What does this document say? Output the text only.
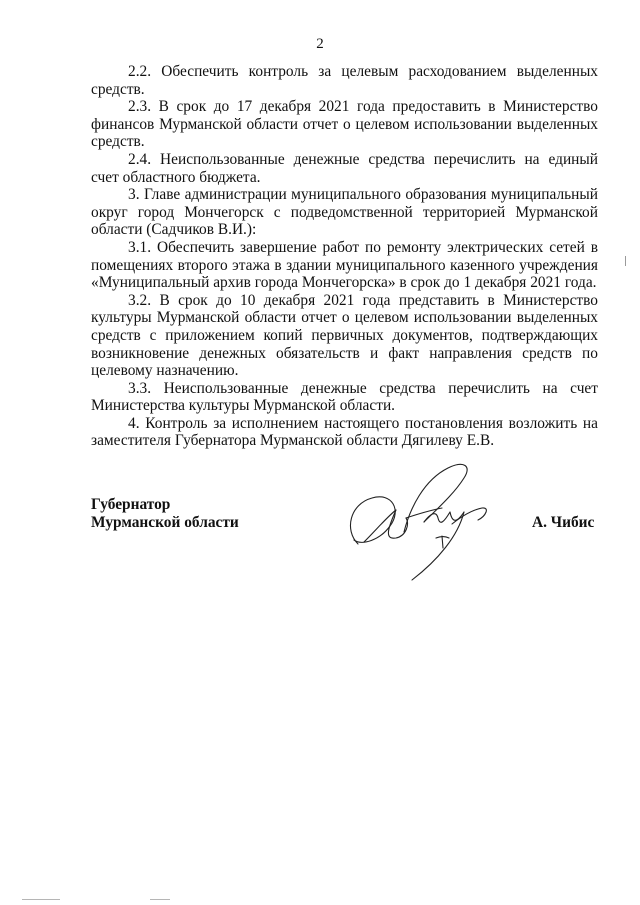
2

2.2. Обеспечить контроль за целевым расходованием выделенных средств.

2.3. В срок до 17 декабря 2021 года предоставить в Министерство финансов Мурманской области отчет о целевом использовании выделенных средств.

2.4. Неиспользованные денежные средства перечислить на единый счет областного бюджета.

3. Главе администрации муниципального образования муниципальный округ город Мончегорск с подведомственной территорией Мурманской области (Садчиков В.И.):

3.1. Обеспечить завершение работ по ремонту электрических сетей в помещениях второго этажа в здании муниципального казенного учреждения «Муниципальный архив города Мончегорска» в срок до 1 декабря 2021 года.

3.2. В срок до 10 декабря 2021 года представить в Министерство культуры Мурманской области отчет о целевом использовании выделенных средств с приложением копий первичных документов, подтверждающих возникновение денежных обязательств и факт направления средств по целевому назначению.

3.3. Неиспользованные денежные средства перечислить на счет Министерства культуры Мурманской области.

4. Контроль за исполнением настоящего постановления возложить на заместителя Губернатора Мурманской области Дягилеву Е.В.

Губернатор
Мурманской области	А. Чибис
